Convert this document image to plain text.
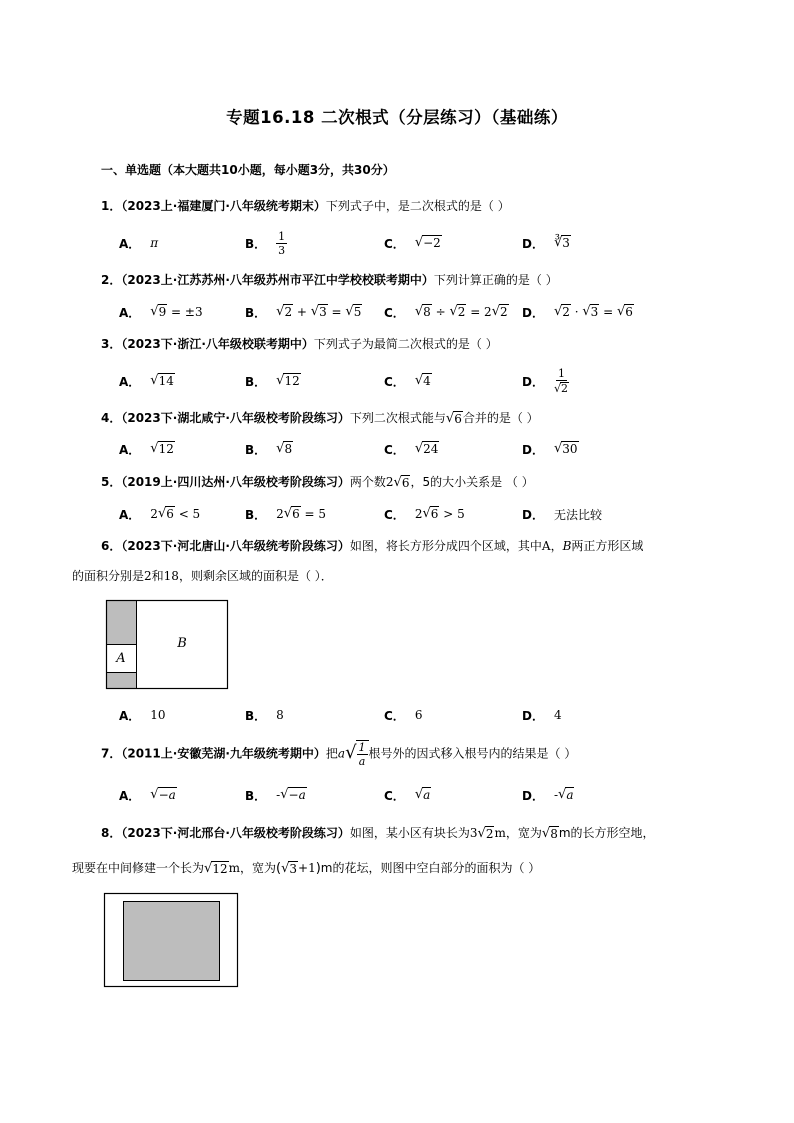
专题16.18 二次根式（分层练习）（基础练）
一、单选题（本大题共10小题，每小题3分，共30分）
1．（2023上·福建厦门·八年级统考期末）下列式子中，是二次根式的是（ ）
A． π	B． $\frac{1}{3}$	C． √ −2	D． ∛ 3
2．（2023上·江苏苏州·八年级苏州市平江中学校校联考期中）下列计算正确的是（ ）
A． √ 9 = ±3	B． √ 2 + √ 3 = √ 5 C． √ 8 ÷ √ 2 = 2 √ 2 D． √ 2 · √ 3 = √ 6
3．（2023下·浙江·八年级校联考期中）下列式子为最简二次根式的是（ ）
A． √ 14	B． √ 12	C． √ 4	D． $\frac{1}{√ 2}$
4．（2023下·湖北咸宁·八年级校考阶段练习）下列二次根式能与 √ 6 合并的是（ ）
A． √ 12	B． √ 8	C． √ 24	D． √ 30
5．（2019上·四川达州·八年级校考阶段练习）两个数2 √ 6 ，5的大小关系是 （ ）
A． 2 √ 6 < 5	B． 2 √ 6 = 5	C． 2 √ 6 > 5	D． 无法比较
6．（2023下·河北唐山·八年级统考阶段练习）如图，将长方形分成四个区域，其中A，B两正方形区域
的面积分别是2和18，则剩余区域的面积是（ ）．
A
B
A． 10	B． 8	C． 6	D． 4
7．（2011上·安徽芜湖·九年级统考期中）把a √ $\frac{1}{a}$ 根号外的因式移入根号内的结果是（ ）
A． √ −a	B． - √ −a	C． √ a	D． - √ a
8．（2023下·河北邢台·八年级校考阶段练习）如图，某小区有块长为3 √ 2 m，宽为 √ 8 m的长方形空地，
现要在中间修建一个长为 √ 12 m，宽为( √ 3 +1)m的花坛，则图中空白部分的面积为（ ）
